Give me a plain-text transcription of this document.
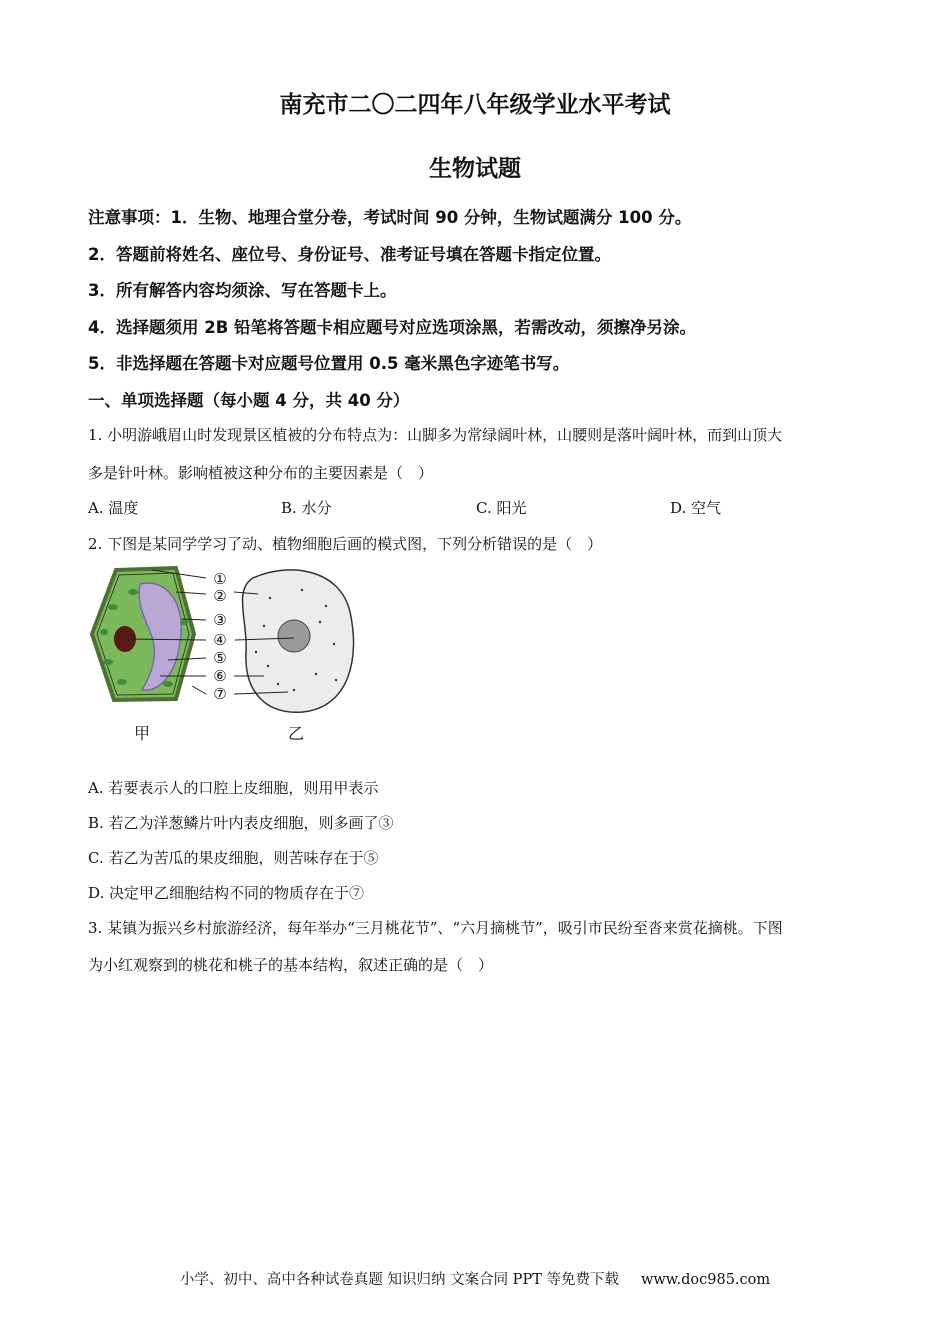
南充市二〇二四年八年级学业水平考试
生物试题
注意事项：1．生物、地理合堂分卷，考试时间 90 分钟，生物试题满分 100 分。
2．答题前将姓名、座位号、身份证号、准考证号填在答题卡指定位置。
3．所有解答内容均须涂、写在答题卡上。
4．选择题须用 2B 铅笔将答题卡相应题号对应选项涂黑，若需改动，须擦净另涂。
5．非选择题在答题卡对应题号位置用 0.5 毫米黑色字迹笔书写。
一、单项选择题（每小题 4 分，共 40 分）
1. 小明游峨眉山时发现景区植被的分布特点为：山脚多为常绿阔叶林，山腰则是落叶阔叶林，而到山顶大
多是针叶林。影响植被这种分布的主要因素是（　）
A. 温度	B. 水分	C. 阳光	D. 空气
2. 下图是某同学学习了动、植物细胞后画的模式图，下列分析错误的是（　）
①
②
③
④
⑤
⑥
⑦
甲	乙
A. 若要表示人的口腔上皮细胞，则用甲表示
B. 若乙为洋葱鳞片叶内表皮细胞，则多画了③
C. 若乙为苦瓜的果皮细胞，则苦味存在于⑤
D. 决定甲乙细胞结构不同的物质存在于⑦
3. 某镇为振兴乡村旅游经济，每年举办“三月桃花节”、“六月摘桃节”，吸引市民纷至沓来赏花摘桃。下图
为小红观察到的桃花和桃子的基本结构，叙述正确的是（　）
小学、初中、高中各种试卷真题 知识归纳 文案合同 PPT 等免费下载 www.doc985.com
